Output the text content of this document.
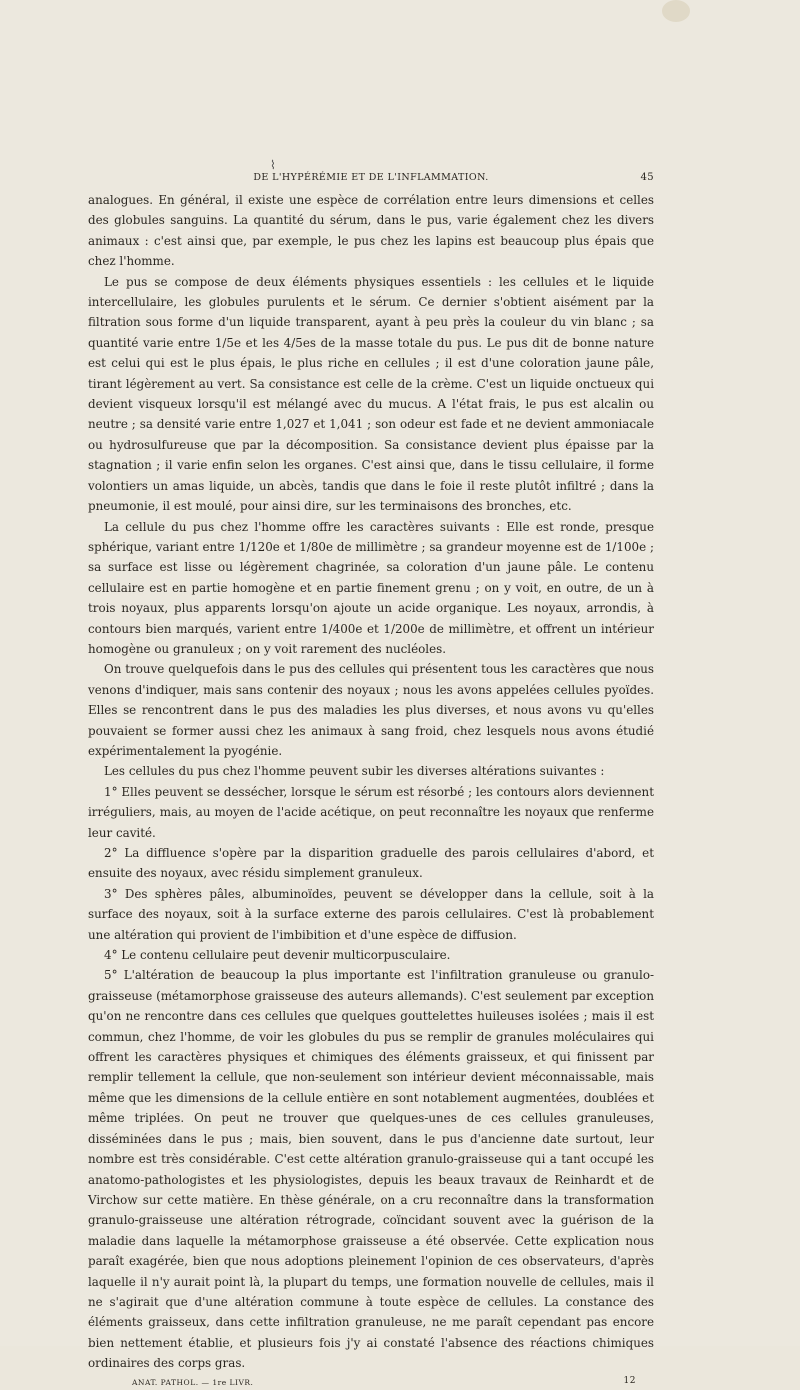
⌇
DE L'HYPÉRÉMIE ET DE L'INFLAMMATION.	45

analogues. En général, il existe une espèce de corrélation entre leurs dimensions et celles des globules sanguins. La quantité du sérum, dans le pus, varie également chez les divers animaux : c'est ainsi que, par exemple, le pus chez les lapins est beaucoup plus épais que chez l'homme.

Le pus se compose de deux éléments physiques essentiels : les cellules et le liquide intercellulaire, les globules purulents et le sérum. Ce dernier s'obtient aisément par la filtration sous forme d'un liquide transparent, ayant à peu près la couleur du vin blanc ; sa quantité varie entre 1/5e et les 4/5es de la masse totale du pus. Le pus dit de bonne nature est celui qui est le plus épais, le plus riche en cellules ; il est d'une coloration jaune pâle, tirant légèrement au vert. Sa consistance est celle de la crème. C'est un liquide onctueux qui devient visqueux lorsqu'il est mélangé avec du mucus. A l'état frais, le pus est alcalin ou neutre ; sa densité varie entre 1,027 et 1,041 ; son odeur est fade et ne devient ammoniacale ou hydrosulfureuse que par la décomposition. Sa consistance devient plus épaisse par la stagnation ; il varie enfin selon les organes. C'est ainsi que, dans le tissu cellulaire, il forme volontiers un amas liquide, un abcès, tandis que dans le foie il reste plutôt infiltré ; dans la pneumonie, il est moulé, pour ainsi dire, sur les terminaisons des bronches, etc.

La cellule du pus chez l'homme offre les caractères suivants : Elle est ronde, presque sphérique, variant entre 1/120e et 1/80e de millimètre ; sa grandeur moyenne est de 1/100e ; sa surface est lisse ou légèrement chagrinée, sa coloration d'un jaune pâle. Le contenu cellulaire est en partie homogène et en partie finement grenu ; on y voit, en outre, de un à trois noyaux, plus apparents lorsqu'on ajoute un acide organique. Les noyaux, arrondis, à contours bien marqués, varient entre 1/400e et 1/200e de millimètre, et offrent un intérieur homogène ou granuleux ; on y voit rarement des nucléoles.

On trouve quelquefois dans le pus des cellules qui présentent tous les caractères que nous venons d'indiquer, mais sans contenir des noyaux ; nous les avons appelées cellules pyoïdes. Elles se rencontrent dans le pus des maladies les plus diverses, et nous avons vu qu'elles pouvaient se former aussi chez les animaux à sang froid, chez lesquels nous avons étudié expérimentalement la pyogénie.

Les cellules du pus chez l'homme peuvent subir les diverses altérations suivantes :

1° Elles peuvent se dessécher, lorsque le sérum est résorbé ; les contours alors deviennent irréguliers, mais, au moyen de l'acide acétique, on peut reconnaître les noyaux que renferme leur cavité.

2° La diffluence s'opère par la disparition graduelle des parois cellulaires d'abord, et ensuite des noyaux, avec résidu simplement granuleux.

3° Des sphères pâles, albuminoïdes, peuvent se développer dans la cellule, soit à la surface des noyaux, soit à la surface externe des parois cellulaires. C'est là probablement une altération qui provient de l'imbibition et d'une espèce de diffusion.

4° Le contenu cellulaire peut devenir multicorpusculaire.

5° L'altération de beaucoup la plus importante est l'infiltration granuleuse ou granulo-graisseuse (métamorphose graisseuse des auteurs allemands). C'est seulement par exception qu'on ne rencontre dans ces cellules que quelques gouttelettes huileuses isolées ; mais il est commun, chez l'homme, de voir les globules du pus se remplir de granules moléculaires qui offrent les caractères physiques et chimiques des éléments graisseux, et qui finissent par remplir tellement la cellule, que non-seulement son intérieur devient méconnaissable, mais même que les dimensions de la cellule entière en sont notablement augmentées, doublées et même triplées. On peut ne trouver que quelques-unes de ces cellules granuleuses, disséminées dans le pus ; mais, bien souvent, dans le pus d'ancienne date surtout, leur nombre est très considérable. C'est cette altération granulo-graisseuse qui a tant occupé les anatomo-pathologistes et les physiologistes, depuis les beaux travaux de Reinhardt et de Virchow sur cette matière. En thèse générale, on a cru reconnaître dans la transformation granulo-graisseuse une altération rétrograde, coïncidant souvent avec la guérison de la maladie dans laquelle la métamorphose graisseuse a été observée. Cette explication nous paraît exagérée, bien que nous adoptions pleinement l'opinion de ces observateurs, d'après laquelle il n'y aurait point là, la plupart du temps, une formation nouvelle de cellules, mais il ne s'agirait que d'une altération commune à toute espèce de cellules. La constance des éléments graisseux, dans cette infiltration granuleuse, ne me paraît cependant pas encore bien nettement établie, et plusieurs fois j'y ai constaté l'absence des réactions chimiques ordinaires des corps gras.

ANAT. PATHOL. — 1re LIVR.	12
